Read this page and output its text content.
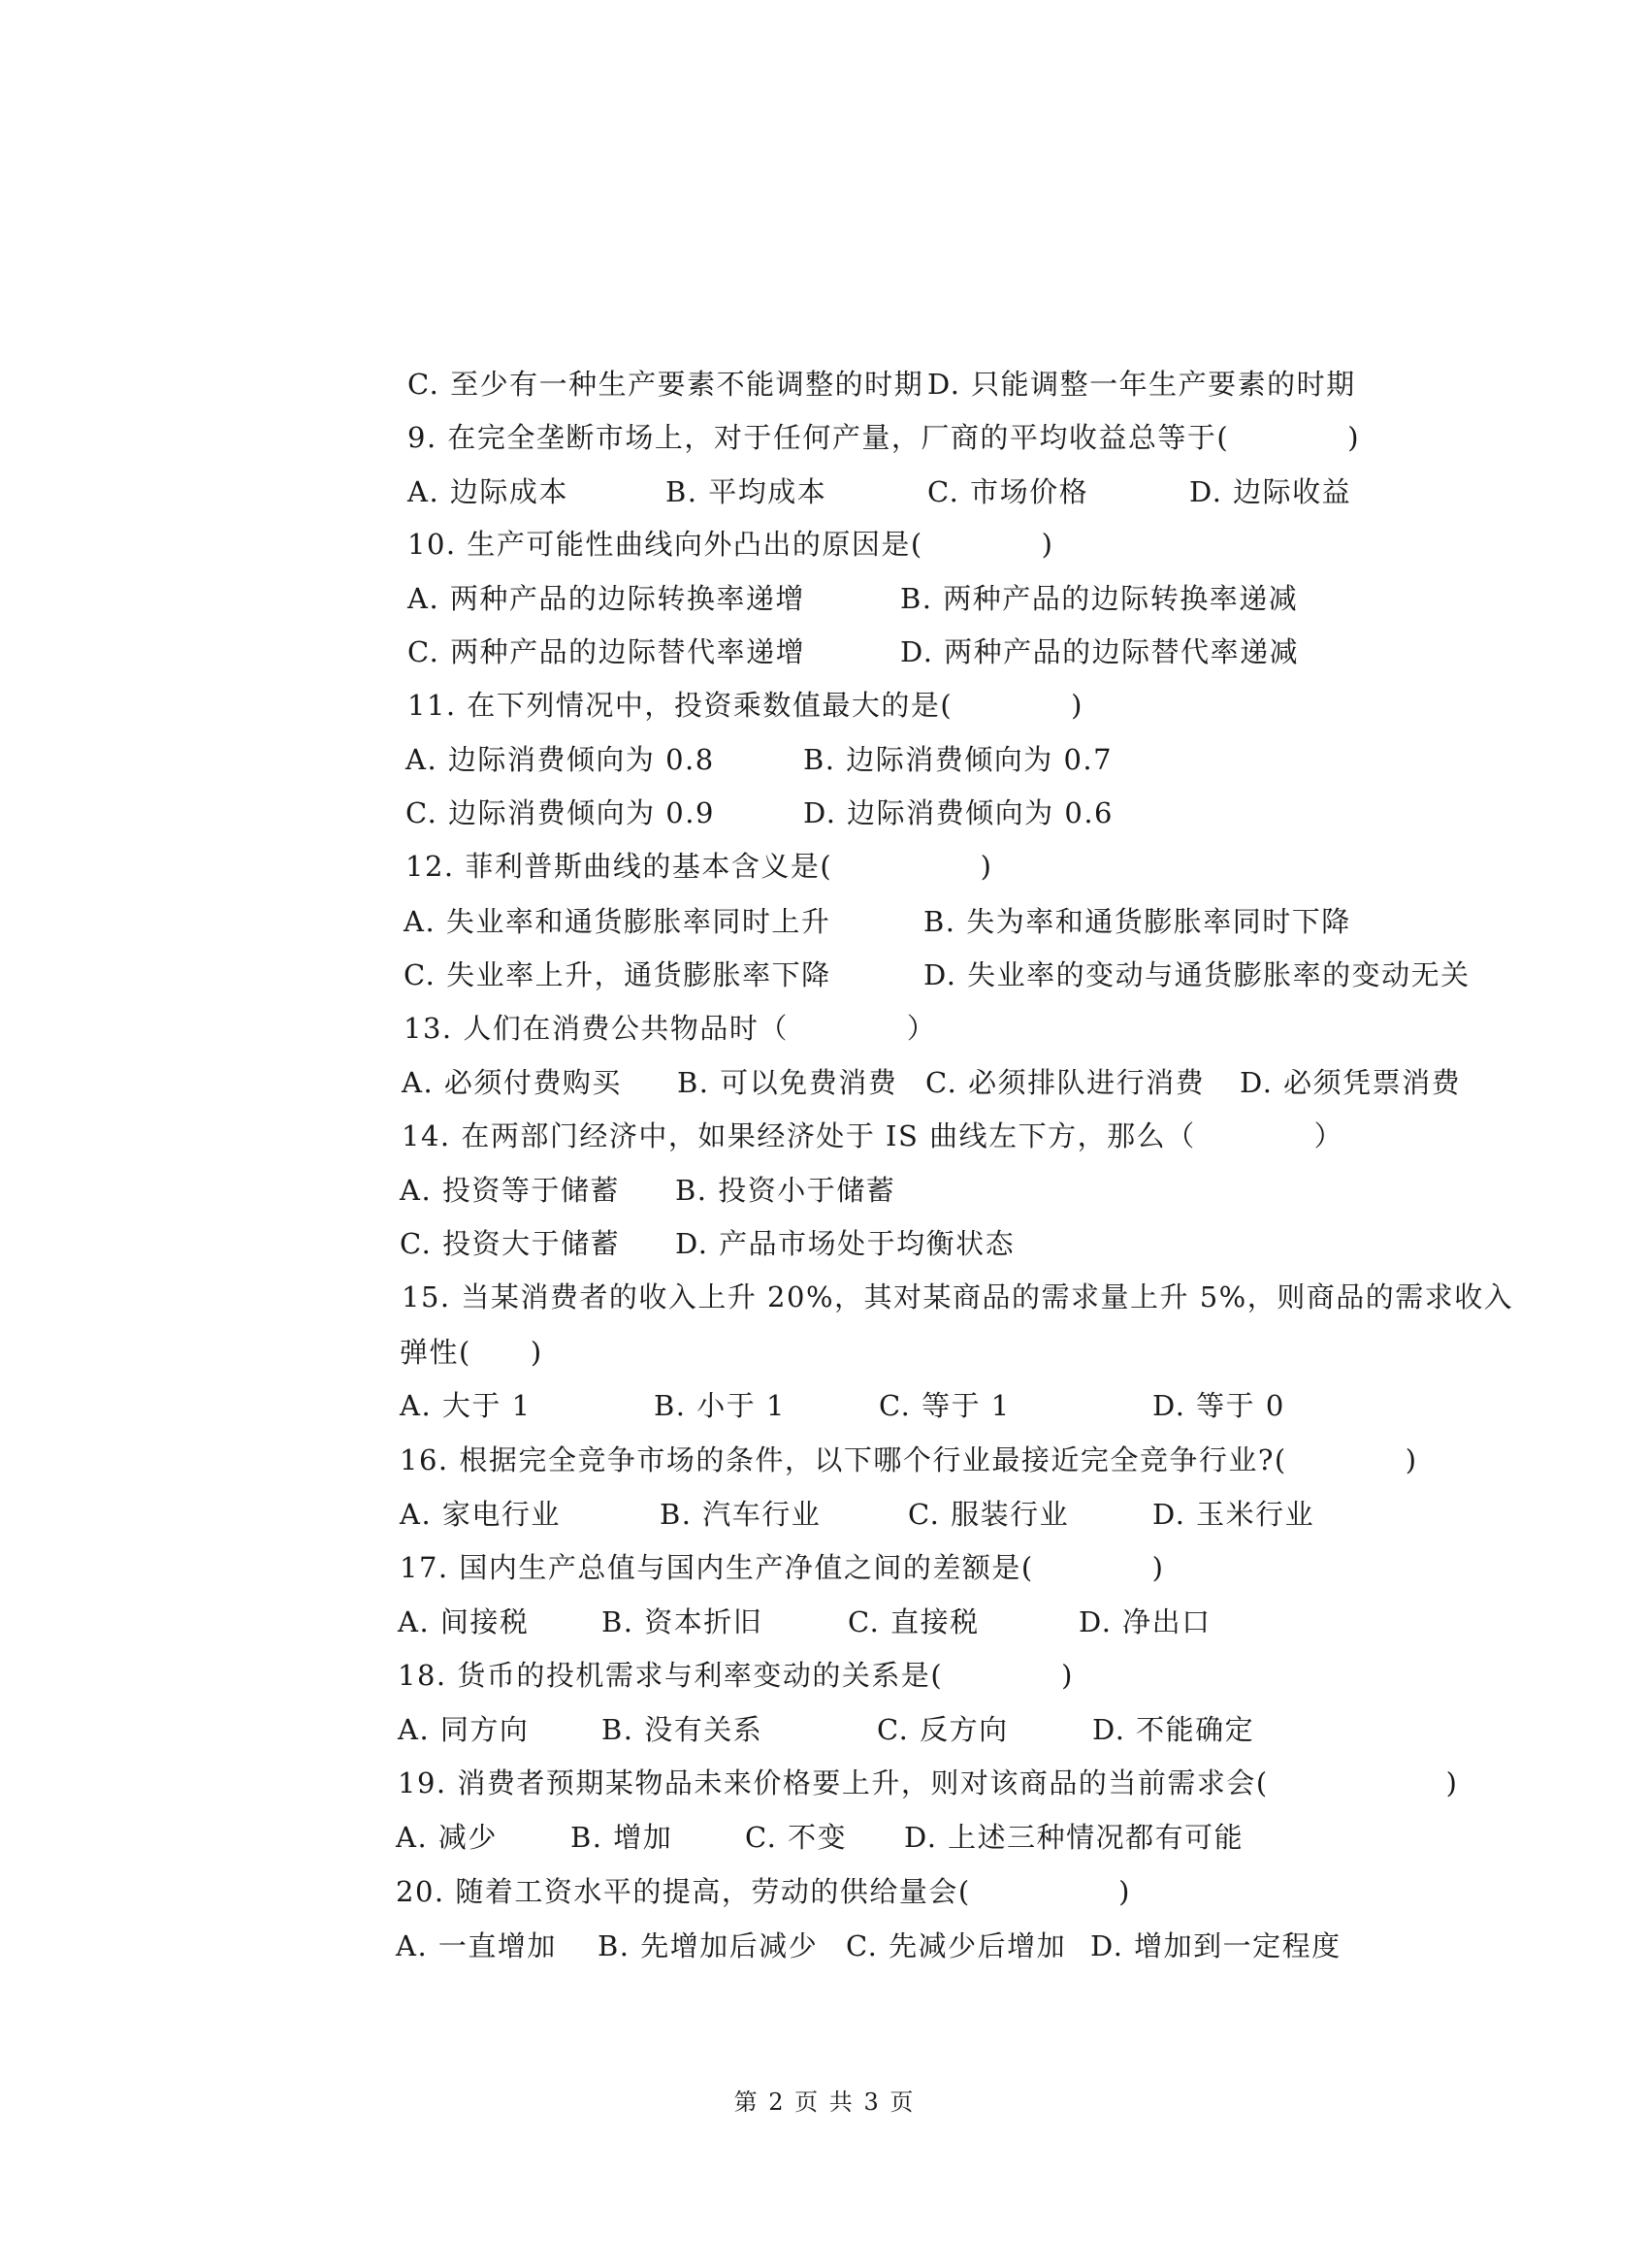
C. 至少有一种生产要素不能调整的时期 D. 只能调整一年生产要素的时期
9. 在完全垄断市场上，对于任何产量，厂商的平均收益总等于(　　　　)
A. 边际成本	B. 平均成本	C. 市场价格	D. 边际收益
10. 生产可能性曲线向外凸出的原因是(　　　　)
A. 两种产品的边际转换率递增	B. 两种产品的边际转换率递减
C. 两种产品的边际替代率递增	D. 两种产品的边际替代率递减
11. 在下列情况中，投资乘数值最大的是(　　　　)
A. 边际消费倾向为 0.8	B. 边际消费倾向为 0.7
C. 边际消费倾向为 0.9	D. 边际消费倾向为 0.6
12. 菲利普斯曲线的基本含义是(　　　　　)
A. 失业率和通货膨胀率同时上升	B. 失为率和通货膨胀率同时下降
C. 失业率上升，通货膨胀率下降	D. 失业率的变动与通货膨胀率的变动无关
13. 人们在消费公共物品时（　　　　）
A. 必须付费购买 B. 可以免费消费 C. 必须排队进行消费 D. 必须凭票消费
14. 在两部门经济中，如果经济处于 IS 曲线左下方，那么（　　　　）
A. 投资等于储蓄 B. 投资小于储蓄
C. 投资大于储蓄 D. 产品市场处于均衡状态
15. 当某消费者的收入上升 20%，其对某商品的需求量上升 5%，则商品的需求收入
弹性(　　)
A. 大于 1	B. 小于 1	C. 等于 1	D. 等于 0
16. 根据完全竞争市场的条件，以下哪个行业最接近完全竞争行业?(　　　　)
A. 家电行业	B. 汽车行业	C. 服装行业	D. 玉米行业
17. 国内生产总值与国内生产净值之间的差额是(　　　　)
A. 间接税	B. 资本折旧	C. 直接税	D. 净出口
18. 货币的投机需求与利率变动的关系是(　　　　)
A. 同方向	B. 没有关系	C. 反方向	D. 不能确定
19. 消费者预期某物品未来价格要上升，则对该商品的当前需求会(　　　　　　)
A. 减少	B. 增加	C. 不变 D. 上述三种情况都有可能
20. 随着工资水平的提高，劳动的供给量会(　　　　　)
A. 一直增加 B. 先增加后减少 C. 先减少后增加 D. 增加到一定程度
第 2 页 共 3 页
